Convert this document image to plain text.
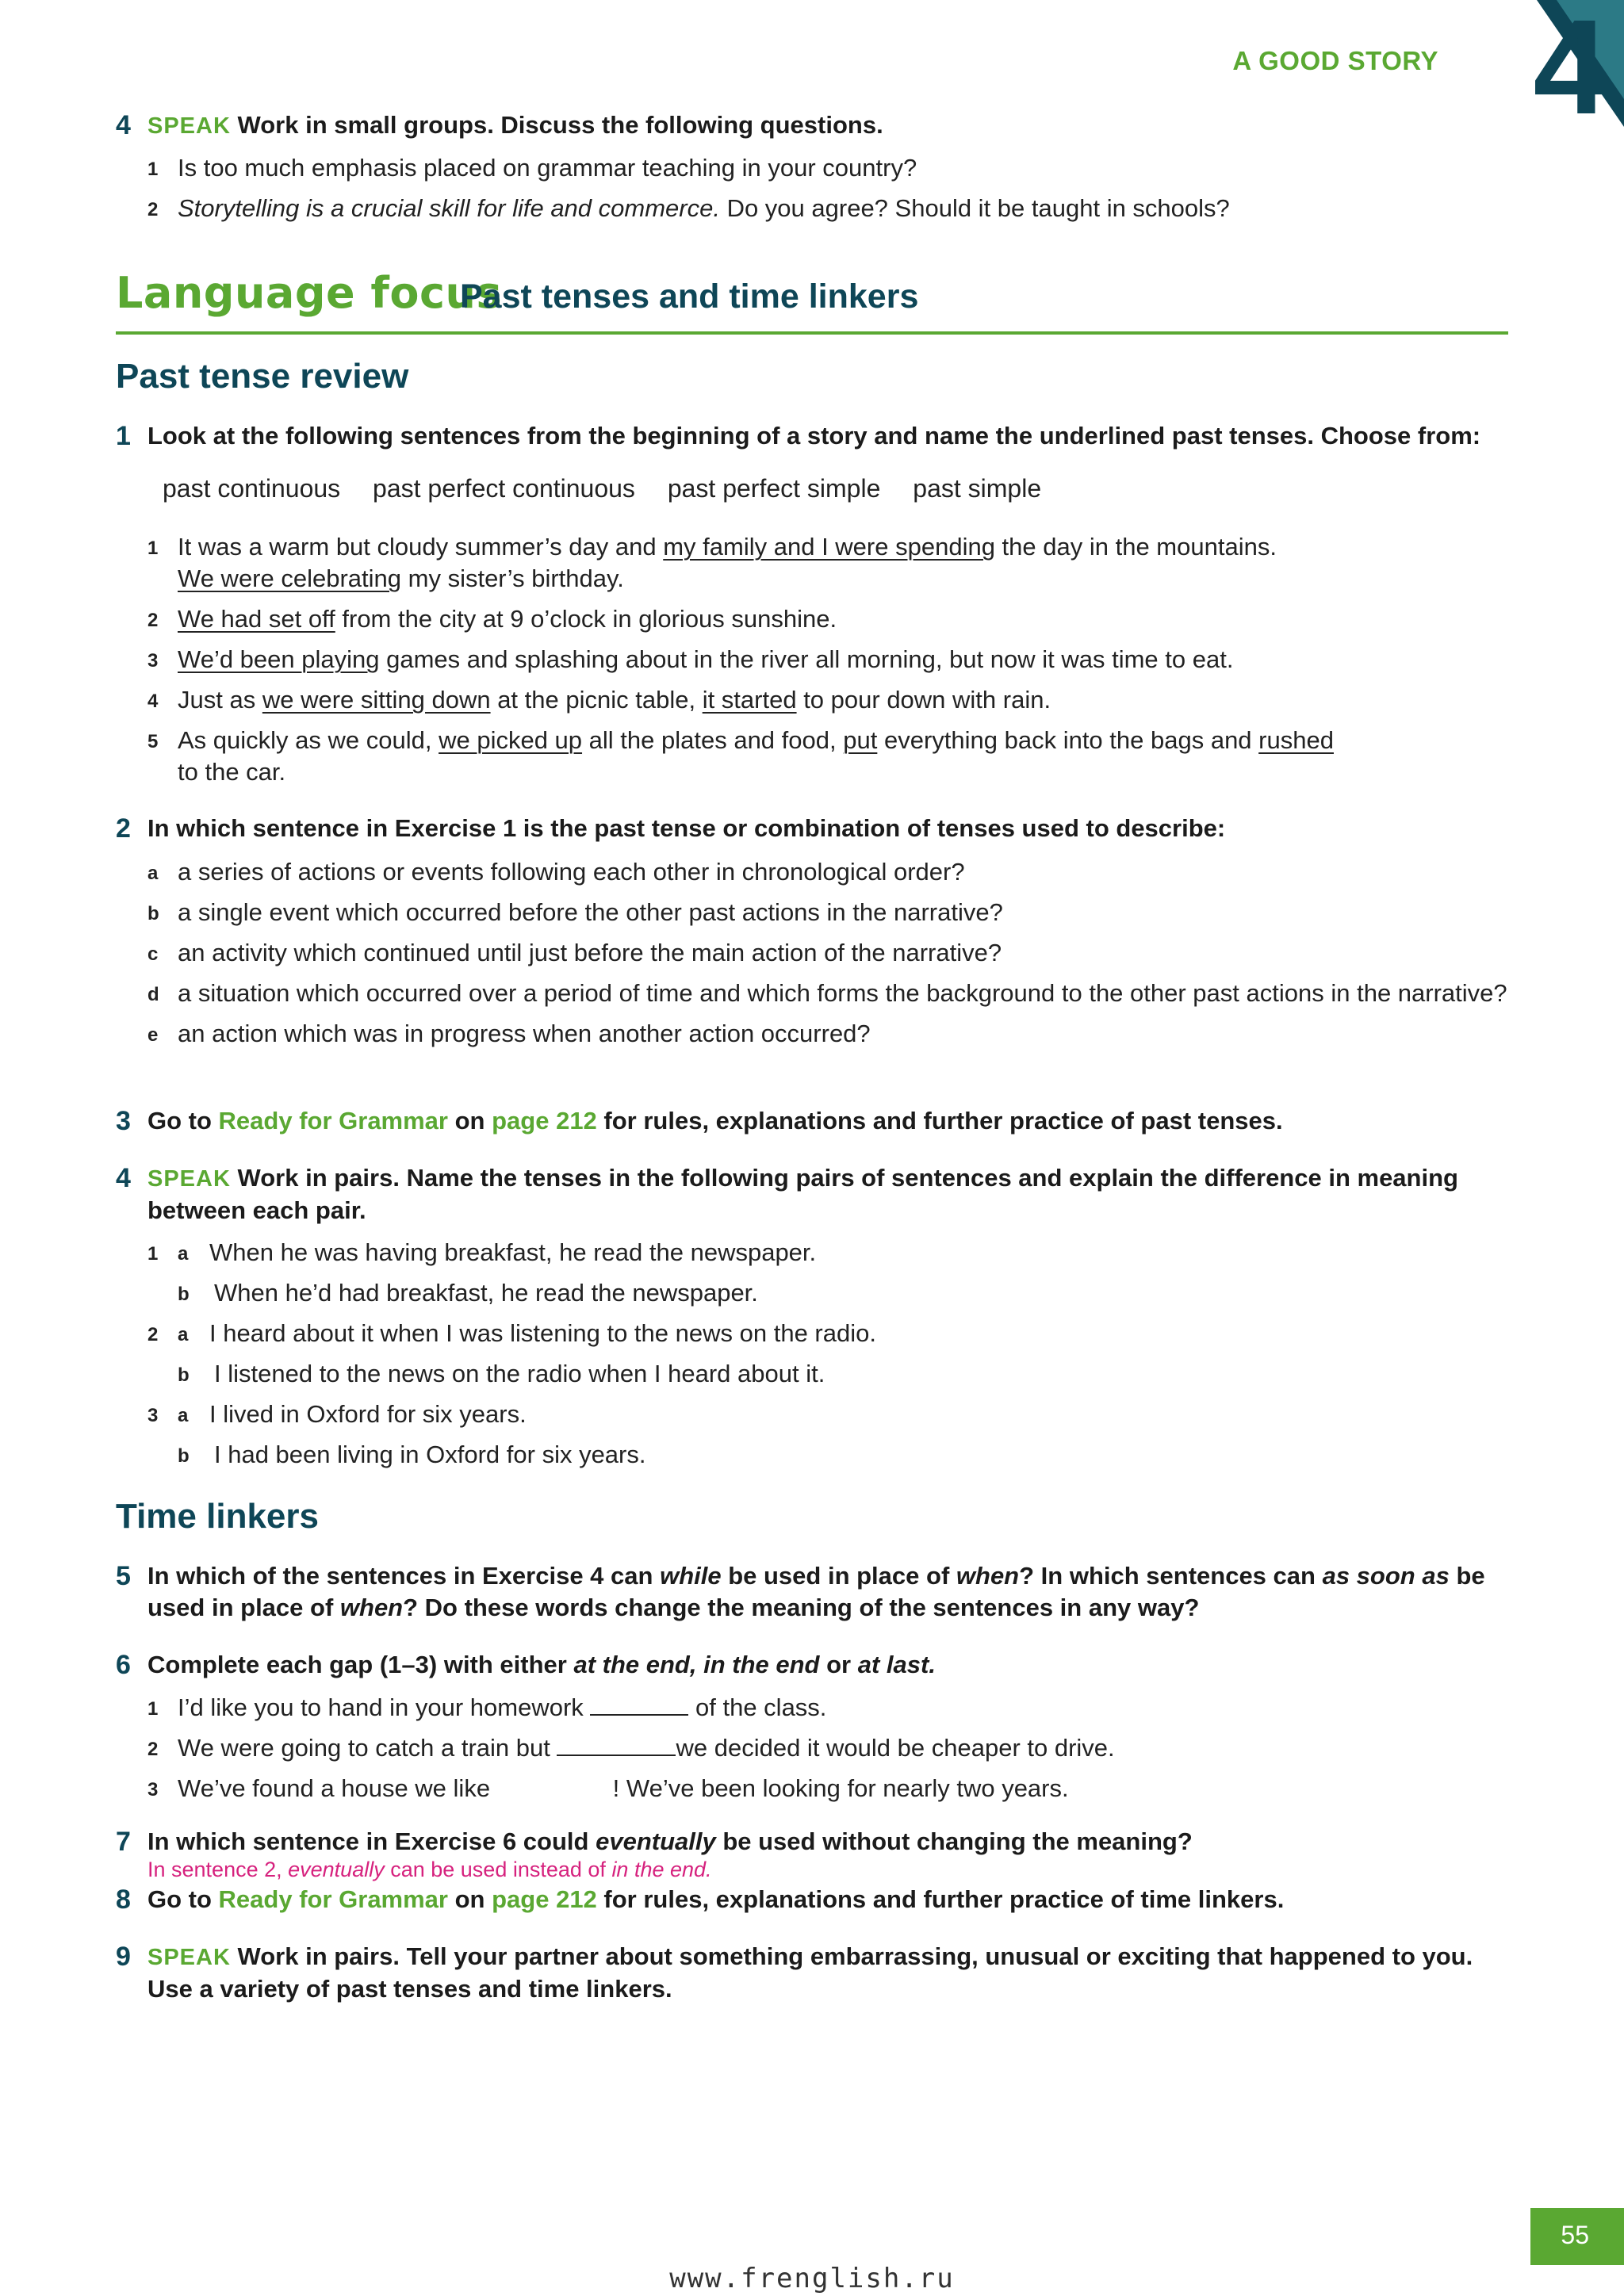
A GOOD STORY 4
4 SPEAK Work in small groups. Discuss the following questions.
1 Is too much emphasis placed on grammar teaching in your country?
2 Storytelling is a crucial skill for life and commerce. Do you agree? Should it be taught in schools?
Language focus
Past tenses and time linkers
Past tense review
1 Look at the following sentences from the beginning of a story and name the underlined past tenses. Choose from:
past continuous past perfect continuous past perfect simple past simple
1 It was a warm but cloudy summer’s day and my family and I were spending the day in the mountains.
We were celebrating my sister’s birthday.
2 We had set off from the city at 9 o’clock in glorious sunshine.
3 We’d been playing games and splashing about in the river all morning, but now it was time to eat.
4 Just as we were sitting down at the picnic table, it started to pour down with rain.
5 As quickly as we could, we picked up all the plates and food, put everything back into the bags and rushed
to the car.
2 In which sentence in Exercise 1 is the past tense or combination of tenses used to describe:
a a series of actions or events following each other in chronological order?
b a single event which occurred before the other past actions in the narrative?
c an activity which continued until just before the main action of the narrative?
d a situation which occurred over a period of time and which forms the background to the other past actions in the narrative?
e an action which was in progress when another action occurred?
3 Go to Ready for Grammar on page 212 for rules, explanations and further practice of past tenses.
4 SPEAK Work in pairs. Name the tenses in the following pairs of sentences and explain the difference in meaning between each pair.
1 a When he was having breakfast, he read the newspaper.
b When he’d had breakfast, he read the newspaper.
2 a I heard about it when I was listening to the news on the radio.
b I listened to the news on the radio when I heard about it.
3 a I lived in Oxford for six years.
b I had been living in Oxford for six years.
Time linkers
5 In which of the sentences in Exercise 4 can while be used in place of when? In which sentences can as soon as be used in place of when? Do these words change the meaning of the sentences in any way?
6 Complete each gap (1–3) with either at the end, in the end or at last.
1 I’d like you to hand in your homework	of the class.
2 We were going to catch a train but	we decided it would be cheaper to drive.
3 We’ve found a house we like	! We’ve been looking for nearly two years.
7 In which sentence in Exercise 6 could eventually be used without changing the meaning?
In sentence 2, eventually can be used instead of in the end.
8 Go to Ready for Grammar on page 212 for rules, explanations and further practice of time linkers.
9 SPEAK Work in pairs. Tell your partner about something embarrassing, unusual or exciting that happened to you. Use a variety of past tenses and time linkers.
55
www.frenglish.ru
